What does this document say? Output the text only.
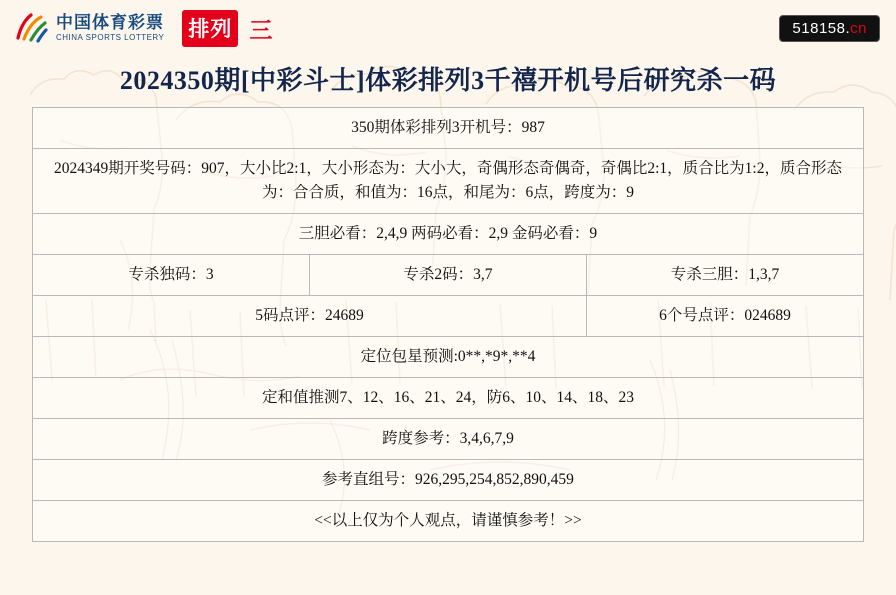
中国体育彩票
CHINA SPORTS LOTTERY 排列 三	518158.cn
2024350期[中彩斗士]体彩排列3千禧开机号后研究杀一码
350期体彩排列3开机号：987		
2024349期开奖号码：907，大小比2:1，大小形态为：大小大，奇偶形态奇偶奇，奇偶比2:1，质合比为1:2，质合形态为：合合质，和值为：16点，和尾为：6点，跨度为：9		
三胆必看：2,4,9 两码必看：2,9 金码必看：9		
专杀独码：3	专杀2码：3,7	专杀三胆：1,3,7
5码点评：24689		6个号点评：024689
定位包星预测:0**,*9*,**4		
定和值推测7、12、16、21、24，防6、10、14、18、23		
跨度参考：3,4,6,7,9		
参考直组号：926,295,254,852,890,459		
<<以上仅为个人观点，请谨慎参考！>>		
